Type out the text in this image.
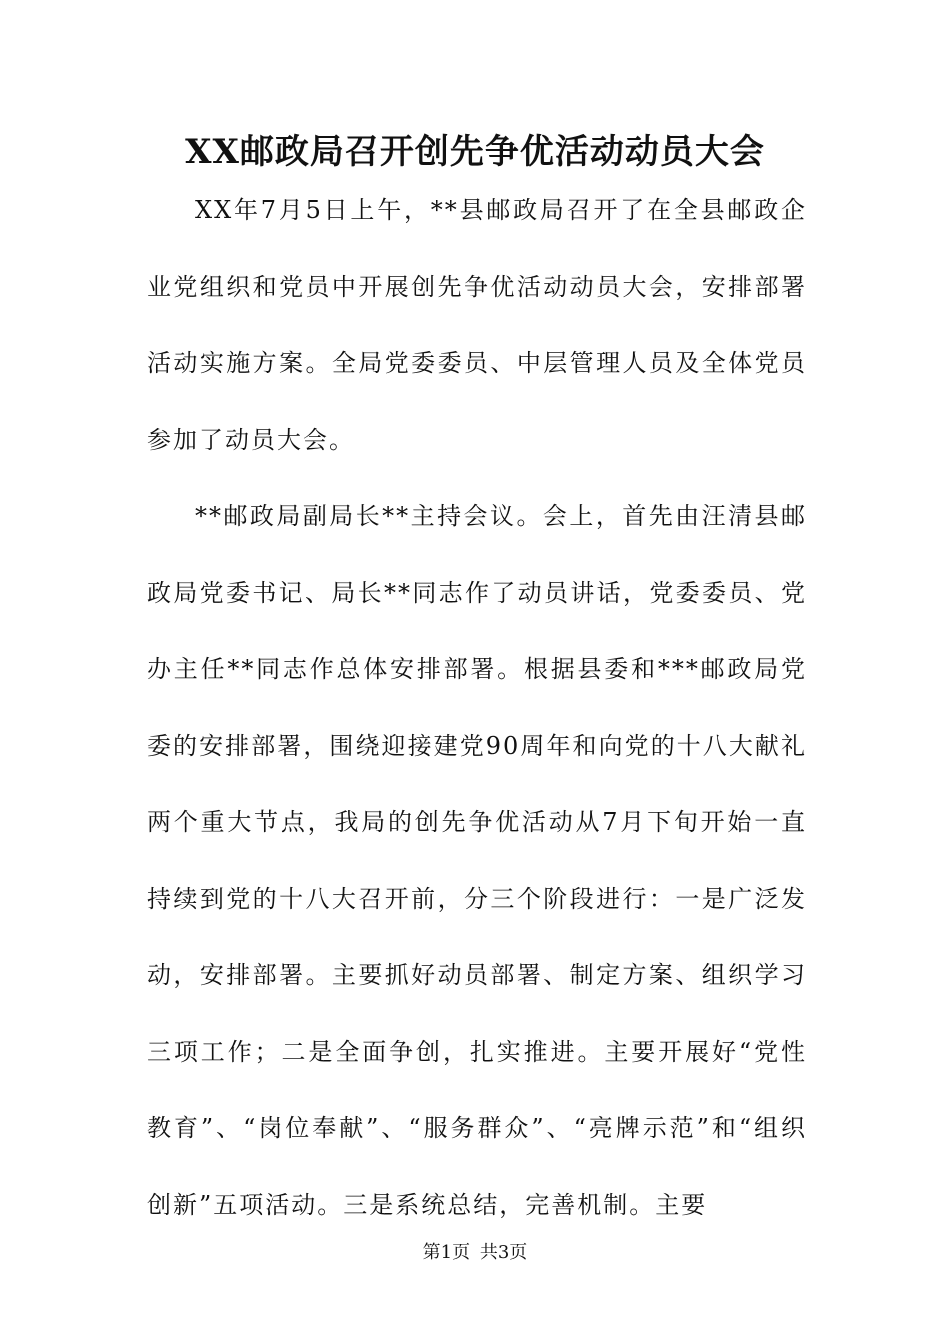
XX邮政局召开创先争优活动动员大会

XX年7月5日上午，**县邮政局召开了在全县邮政企业党组织和党员中开展创先争优活动动员大会，安排部署活动实施方案。全局党委委员、中层管理人员及全体党员参加了动员大会。

**邮政局副局长**主持会议。会上，首先由汪清县邮政局党委书记、局长**同志作了动员讲话，党委委员、党办主任**同志作总体安排部署。根据县委和***邮政局党委的安排部署，围绕迎接建党90周年和向党的十八大献礼两个重大节点，我局的创先争优活动从7月下旬开始一直持续到党的十八大召开前，分三个阶段进行：一是广泛发动，安排部署。主要抓好动员部署、制定方案、组织学习三项工作；二是全面争创，扎实推进。主要开展好“党性教育”、“岗位奉献”、“服务群众”、“亮牌示范”和“组织创新”五项活动。三是系统总结，完善机制。主要

第1页 共3页
